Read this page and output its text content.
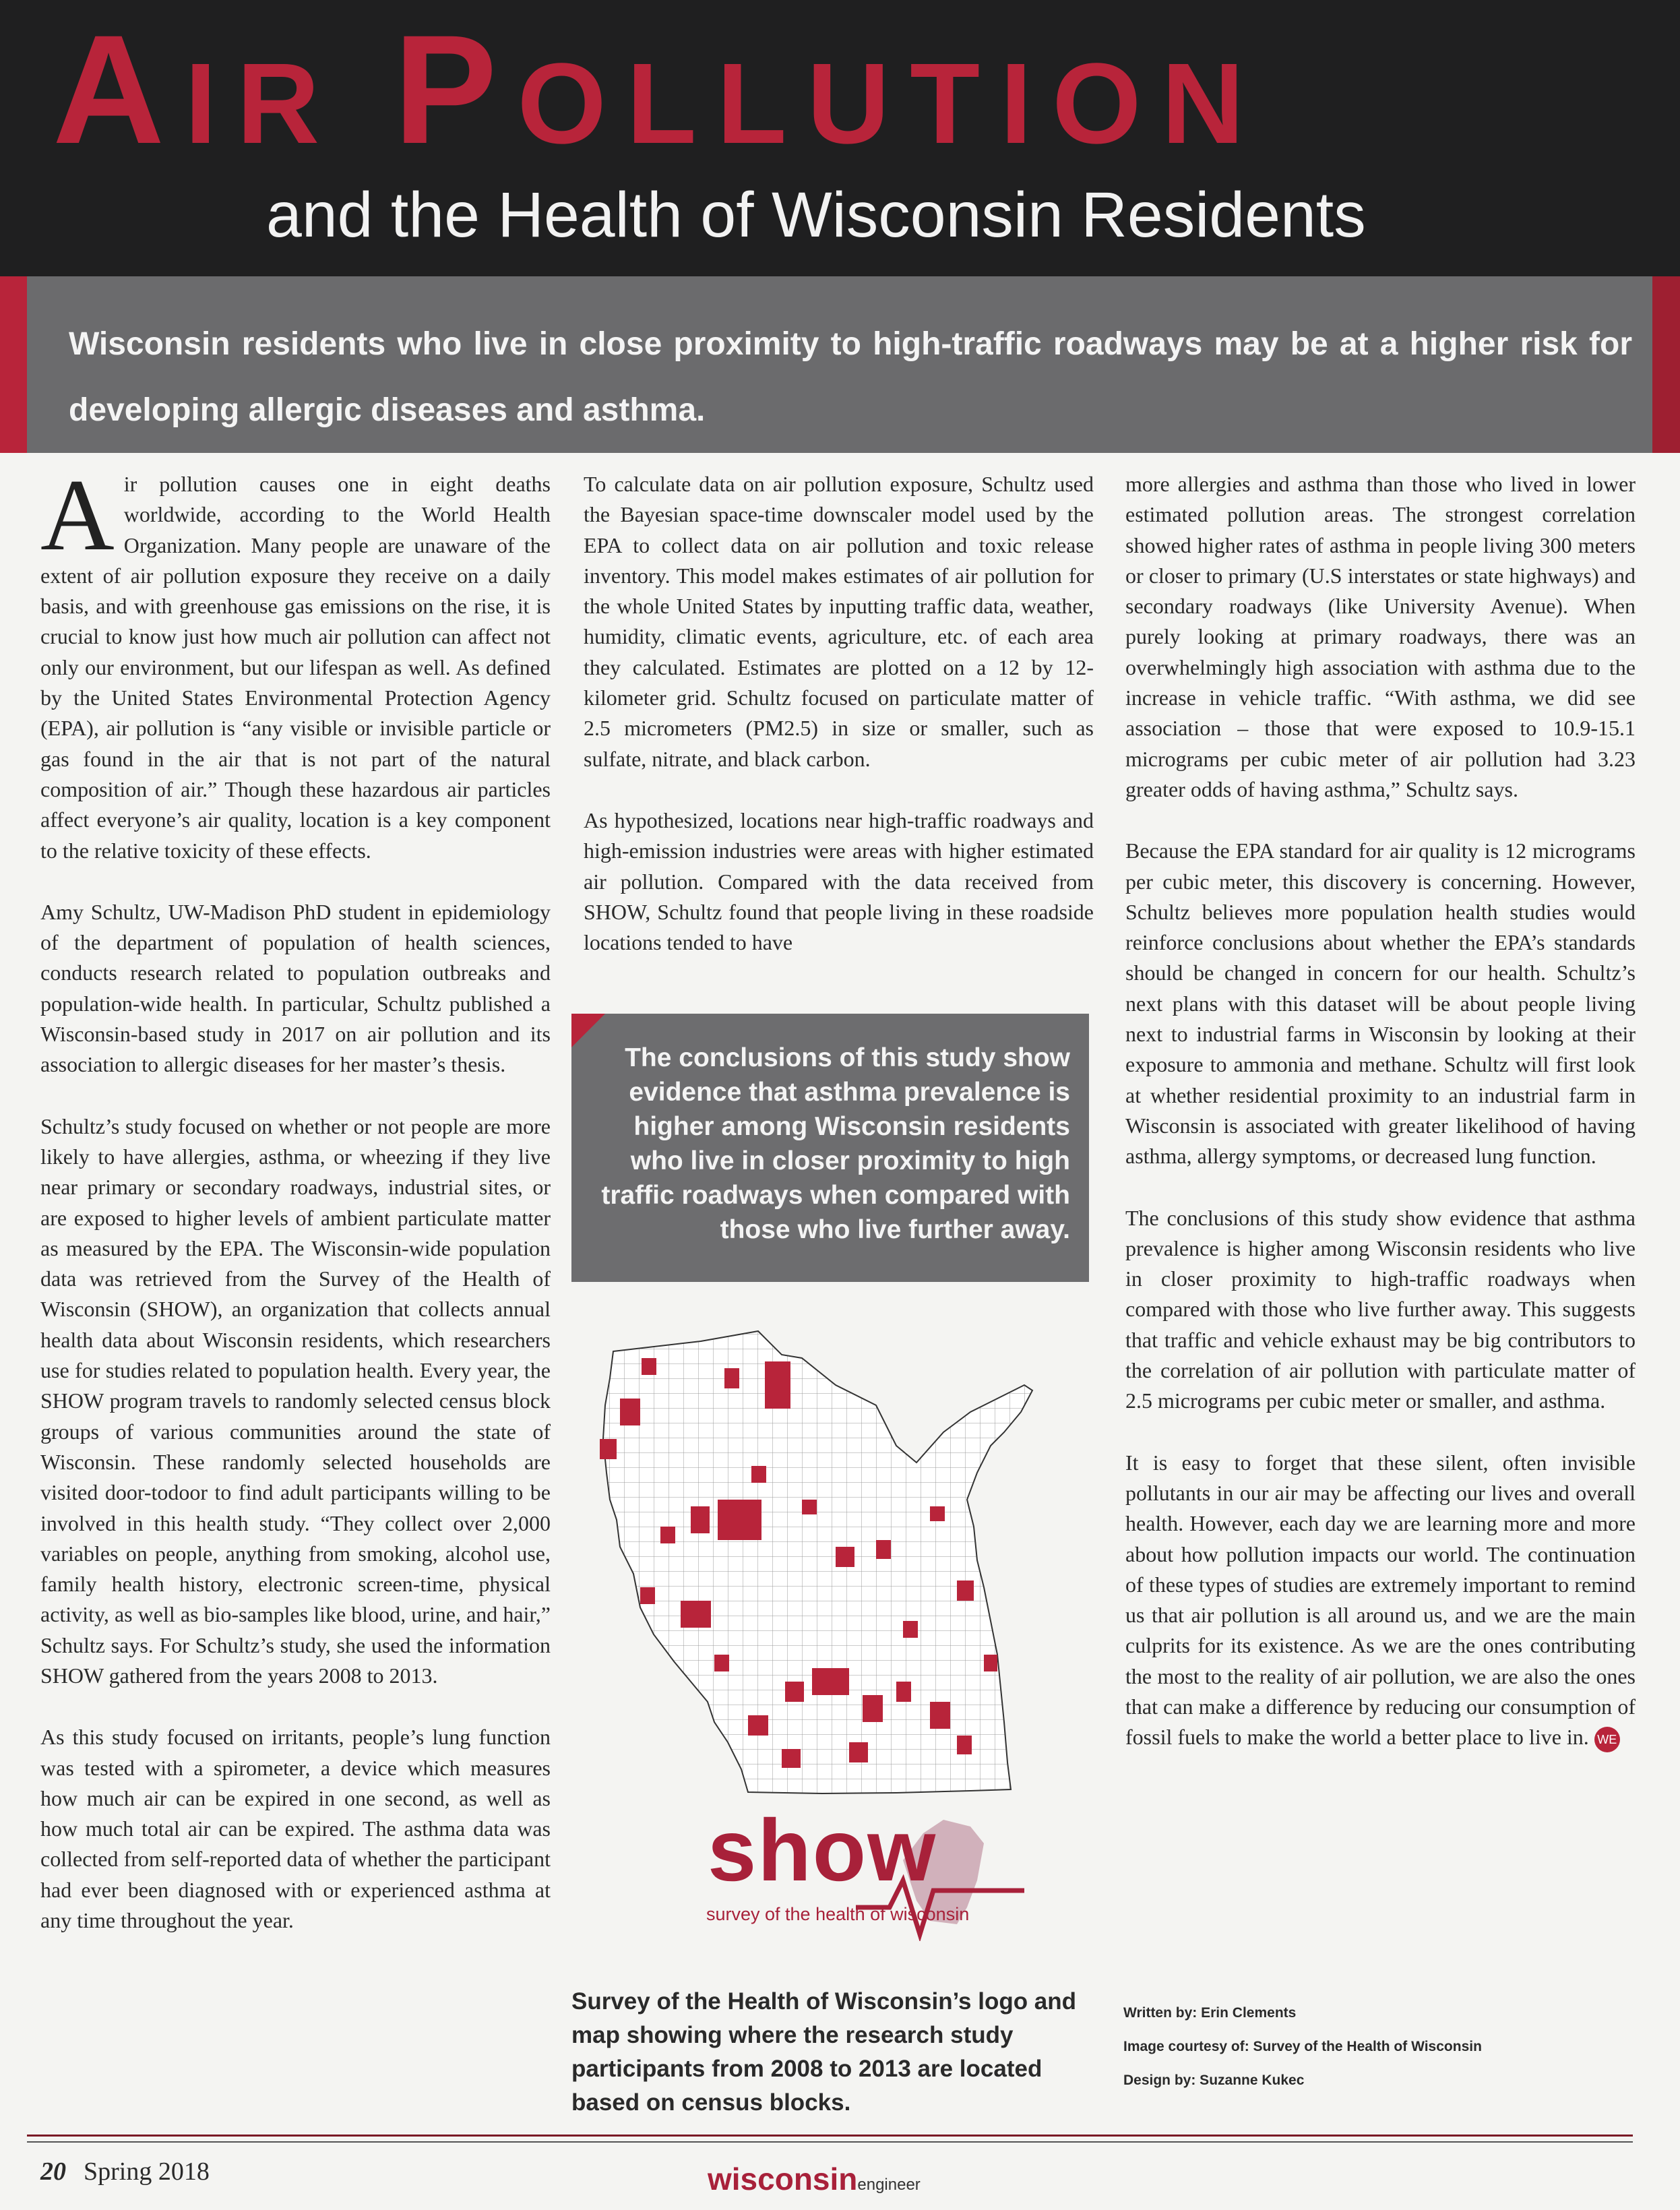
AIR POLLUTION
and the Health of Wisconsin Residents
Wisconsin residents who live in close proximity to high-traffic roadways may be at a higher risk for developing allergic diseases and asthma.

Air pollution causes one in eight deaths worldwide, according to the World Health Organization. Many people are unaware of the extent of air pollution exposure they receive on a daily basis, and with greenhouse gas emissions on the rise, it is crucial to know just how much air pollution can affect not only our environment, but our lifespan as well. As defined by the United States Environmental Protection Agency (EPA), air pollution is “any visible or invisible particle or gas found in the air that is not part of the natural composition of air.” Though these hazardous air particles affect everyone’s air quality, location is a key component to the relative toxicity of these effects.

Amy Schultz, UW-Madison PhD student in epidemiology of the department of population of health sciences, conducts research related to population outbreaks and population-wide health. In particular, Schultz published a Wisconsin-based study in 2017 on air pollution and its association to allergic diseases for her master’s thesis.

Schultz’s study focused on whether or not people are more likely to have allergies, asthma, or wheezing if they live near primary or secondary roadways, industrial sites, or are exposed to higher levels of ambient particulate matter as measured by the EPA. The Wisconsin-wide population data was retrieved from the Survey of the Health of Wisconsin (SHOW), an organization that collects annual health data about Wisconsin residents, which researchers use for studies related to population health. Every year, the SHOW program travels to randomly selected census block groups of various communities around the state of Wisconsin. These randomly selected households are visited door-todoor to find adult participants willing to be involved in this health study. “They collect over 2,000 variables on people, anything from smoking, alcohol use, family health history, electronic screen-time, physical activity, as well as bio-samples like blood, urine, and hair,” Schultz says. For Schultz’s study, she used the information SHOW gathered from the years 2008 to 2013.

As this study focused on irritants, people’s lung function was tested with a spirometer, a device which measures how much air can be expired in one second, as well as how much total air can be expired. The asthma data was collected from self-reported data of whether the participant had ever been diagnosed with or experienced asthma at any time throughout the year.

To calculate data on air pollution exposure, Schultz used the Bayesian space-time downscaler model used by the EPA to collect data on air pollution and toxic release inventory. This model makes estimates of air pollution for the whole United States by inputting traffic data, weather, humidity, climatic events, agriculture, etc. of each area they calculated. Estimates are plotted on a 12 by 12-kilometer grid. Schultz focused on particulate matter of 2.5 micrometers (PM2.5) in size or smaller, such as sulfate, nitrate, and black carbon.

As hypothesized, locations near high-traffic roadways and high-emission industries were areas with higher estimated air pollution. Compared with the data received from SHOW, Schultz found that people living in these roadside locations tended to have

The conclusions of this study show evidence that asthma prevalence is higher among Wisconsin residents who live in closer proximity to high traffic roadways when compared with those who live further away.
show
survey of the health of wisconsin
Survey of the Health of Wisconsin’s logo and map showing where the research study participants from 2008 to 2013 are located based on census blocks.

more allergies and asthma than those who lived in lower estimated pollution areas. The strongest correlation showed higher rates of asthma in people living 300 meters or closer to primary (U.S interstates or state highways) and secondary roadways (like University Avenue). When purely looking at primary roadways, there was an overwhelmingly high association with asthma due to the increase in vehicle traffic. “With asthma, we did see association – those that were exposed to 10.9-15.1 micrograms per cubic meter of air pollution had 3.23 greater odds of having asthma,” Schultz says.

Because the EPA standard for air quality is 12 micrograms per cubic meter, this discovery is concerning. However, Schultz believes more population health studies would reinforce conclusions about whether the EPA’s standards should be changed in concern for our health. Schultz’s next plans with this dataset will be about people living next to industrial farms in Wisconsin by looking at their exposure to ammonia and methane. Schultz will first look at whether residential proximity to an industrial farm in Wisconsin is associated with greater likelihood of having asthma, allergy symptoms, or decreased lung function.

The conclusions of this study show evidence that asthma prevalence is higher among Wisconsin residents who live in closer proximity to high-traffic roadways when compared with those who live further away. This suggests that traffic and vehicle exhaust may be big contributors to the correlation of air pollution with particulate matter of 2.5 micrograms per cubic meter or smaller, and asthma.

It is easy to forget that these silent, often invisible pollutants in our air may be affecting our lives and overall health. However, each day we are learning more and more about how pollution impacts our world. The continuation of these types of studies are extremely important to remind us that air pollution is all around us, and we are the main culprits for its existence. As we are the ones contributing the most to the reality of air pollution, we are also the ones that can make a difference by reducing our consumption of fossil fuels to make the world a better place to live in. WE

Written by: Erin Clements
Image courtesy of: Survey of the Health of Wisconsin
Design by: Suzanne Kukec
20 Spring 2018	wisconsinengineer
